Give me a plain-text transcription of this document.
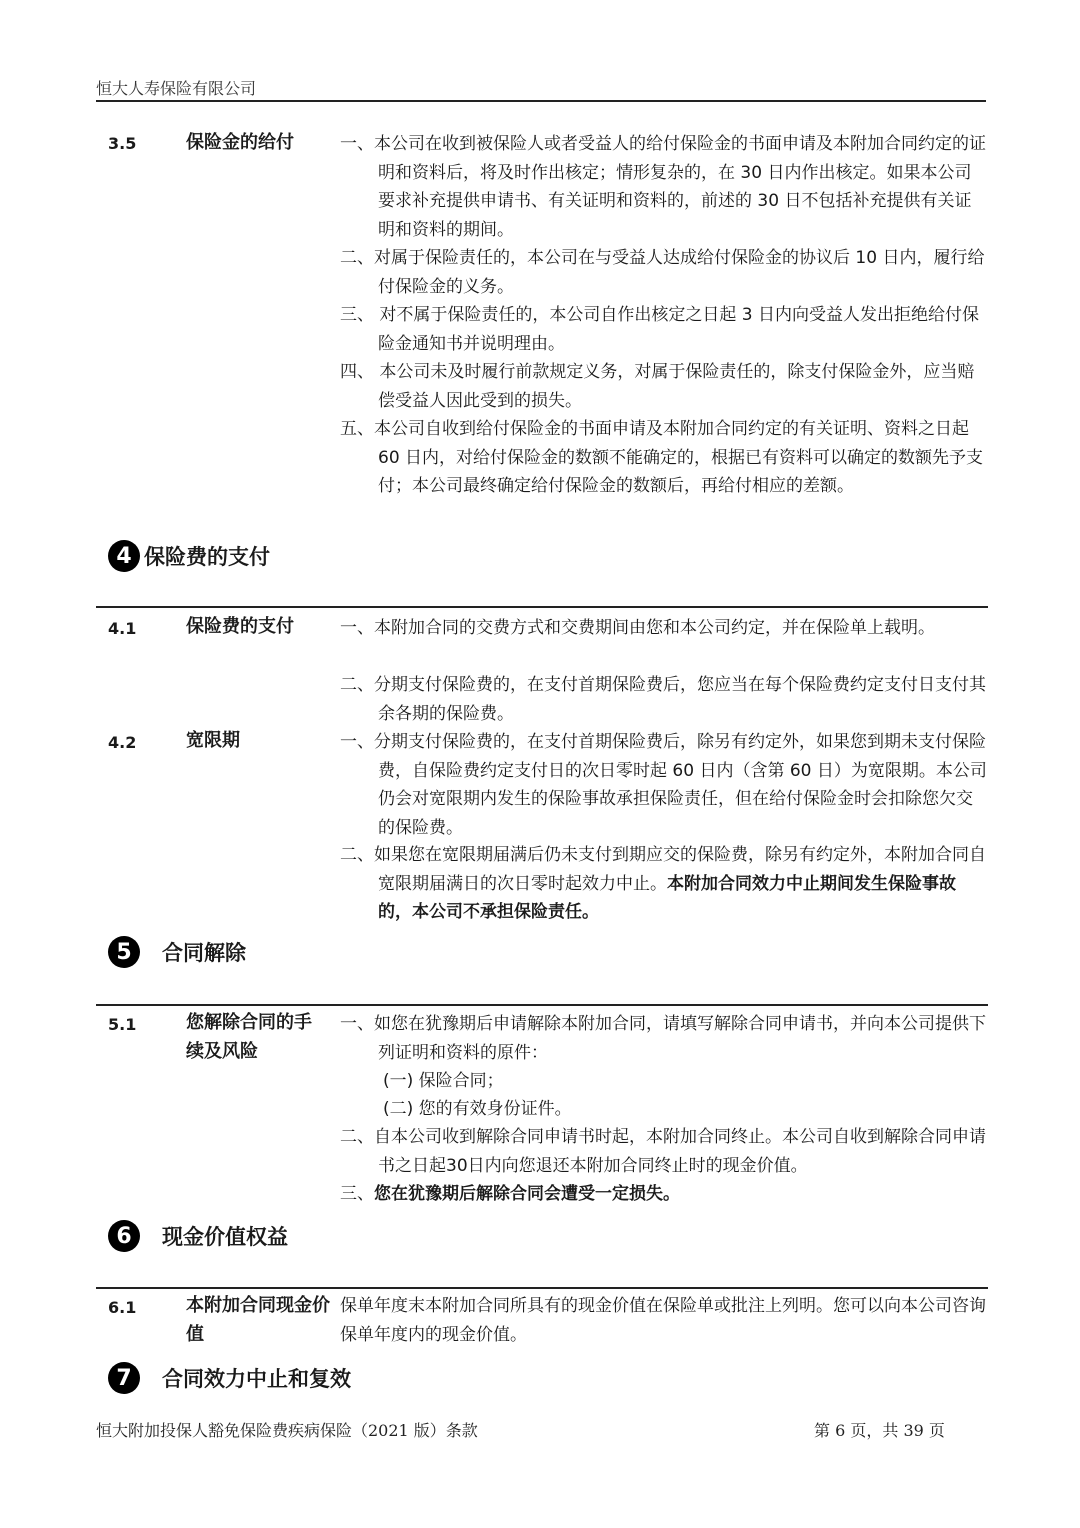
恒大人寿保险有限公司
3.5	保险金的给付	一、本公司在收到被保险人或者受益人的给付保险金的书面申请及本附加合同约定的证明和资料后，将及时作出核定；情形复杂的，在 30 日内作出核定。如果本公司要求补充提供申请书、有关证明和资料的，前述的 30 日不包括补充提供有关证明和资料的期间。
二、对属于保险责任的，本公司在与受益人达成给付保险金的协议后 10 日内，履行给付保险金的义务。
三、 对不属于保险责任的，本公司自作出核定之日起 3 日内向受益人发出拒绝给付保险金通知书并说明理由。
四、 本公司未及时履行前款规定义务，对属于保险责任的，除支付保险金外，应当赔偿受益人因此受到的损失。
五、本公司自收到给付保险金的书面申请及本附加合同约定的有关证明、资料之日起 60 日内，对给付保险金的数额不能确定的，根据已有资料可以确定的数额先予支付；本公司最终确定给付保险金的数额后，再给付相应的差额。
4 保险费的支付
4.1	保险费的支付	一、本附加合同的交费方式和交费期间由您和本公司约定，并在保险单上载明。
二、分期支付保险费的，在支付首期保险费后，您应当在每个保险费约定支付日支付其余各期的保险费。
4.2	宽限期	一、分期支付保险费的，在支付首期保险费后，除另有约定外，如果您到期未支付保险费，自保险费约定支付日的次日零时起 60 日内（含第 60 日）为宽限期。本公司仍会对宽限期内发生的保险事故承担保险责任，但在给付保险金时会扣除您欠交的保险费。
二、如果您在宽限期届满后仍未支付到期应交的保险费，除另有约定外，本附加合同自宽限期届满日的次日零时起效力中止。本附加合同效力中止期间发生保险事故的，本公司不承担保险责任。
5	合同解除
5.1	您解除合同的手续及风险
一、如您在犹豫期后申请解除本附加合同，请填写解除合同申请书，并向本公司提供下列证明和资料的原件：
(一) 保险合同；
(二) 您的有效身份证件。
二、自本公司收到解除合同申请书时起，本附加合同终止。本公司自收到解除合同申请书之日起30日内向您退还本附加合同终止时的现金价值。
三、您在犹豫期后解除合同会遭受一定损失。
6	现金价值权益
6.1	本附加合同现金价值
保单年度末本附加合同所具有的现金价值在保险单或批注上列明。您可以向本公司咨询保单年度内的现金价值。
7	合同效力中止和复效
恒大附加投保人豁免保险费疾病保险（2021 版）条款	第 6 页，共 39 页
